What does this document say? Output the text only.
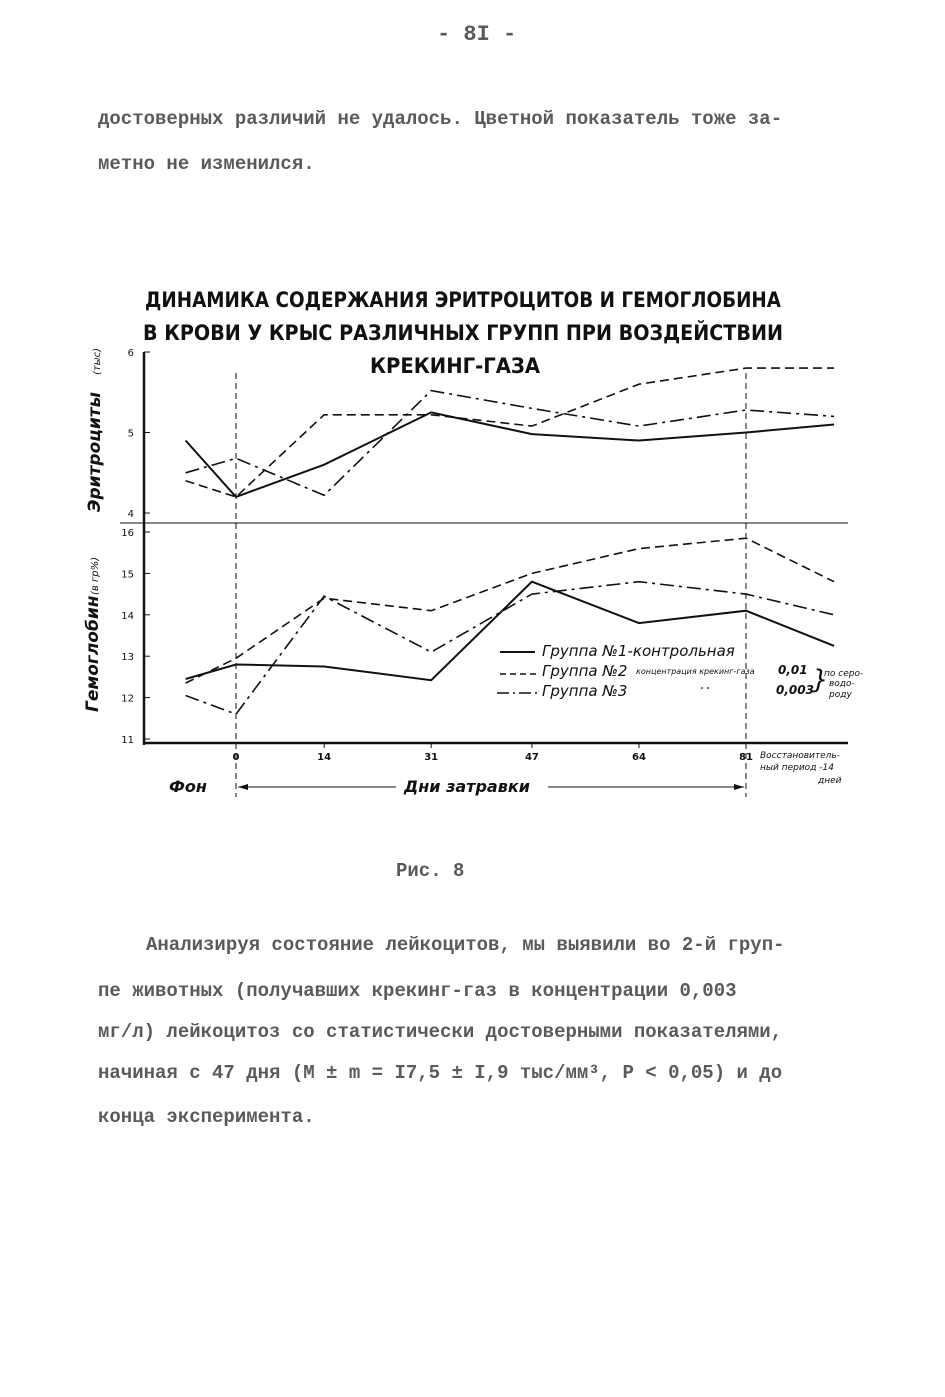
- 8I -
достоверных различий не удалось. Цветной показатель тоже за-
метно не изменился.
ДИНАМИКА СОДЕРЖАНИЯ ЭРИТРОЦИТОВ И ГЕМОГЛОБИНА
В КРОВИ У КРЫС РАЗЛИЧНЫХ ГРУПП ПРИ ВОЗДЕЙСТВИИ
КРЕКИНГ-ГАЗА
Эритроциты
(тыс)
Гемоглобин
(в гр%)
4
5
6
11
12
13
14
15
16
0	14	31	47	64	81
Группа №1-контрольная
Группа №2 концентрация крекинг-газа 0,01
Группа №3	" "	0,003
}
по серо-
водо-
роду
Восстановитель-
ный период -14
дней
Фон	Дни затравки
Рис. 8
Анализируя состояние лейкоцитов, мы выявили во 2-й груп-
пе животных (получавших крекинг-газ в концентрации 0,003
мг/л) лейкоцитоз со статистически достоверными показателями,
начиная с 47 дня (M ± m = I7,5 ± I,9 тыс/мм³, P < 0,05) и до
конца эксперимента.
